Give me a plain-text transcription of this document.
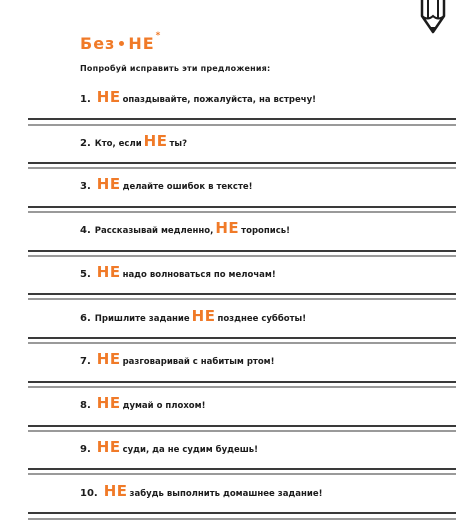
Без НЕ*
Попробуй исправить эти предложения:
1. НЕ опаздывайте, пожалуйста, на встречу!
2. Кто, если НЕ ты?
3. НЕ делайте ошибок в тексте!
4. Рассказывай медленно, НЕ торопись!
5. НЕ надо волноваться по мелочам!
6. Пришлите задание НЕ позднее субботы!
7. НЕ разговаривай с набитым ртом!
8. НЕ думай о плохом!
9. НЕ суди, да не судим будешь!
10. НЕ забудь выполнить домашнее задание!
